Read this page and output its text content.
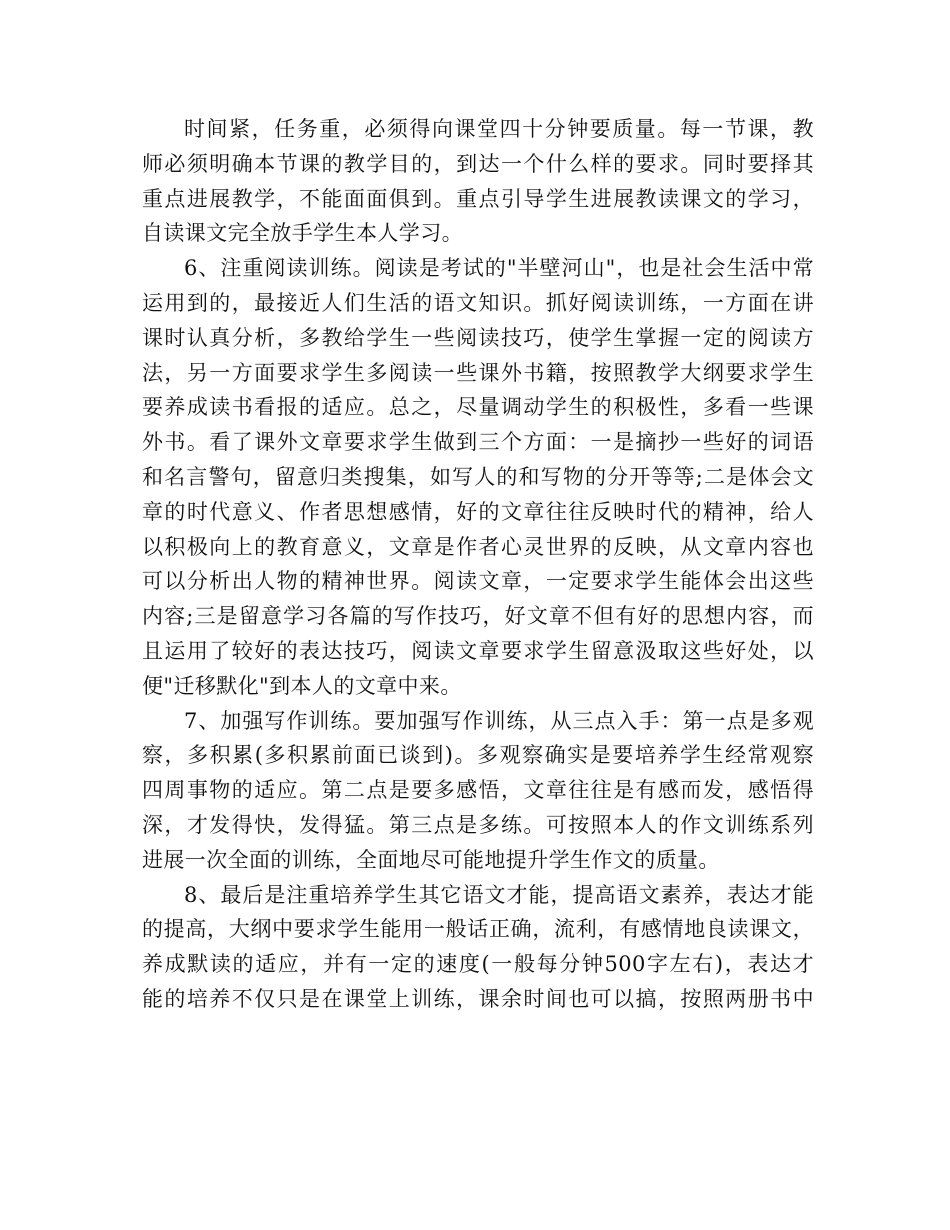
时间紧，任务重，必须得向课堂四十分钟要质量。每一节课，教
师必须明确本节课的教学目的，到达一个什么样的要求。同时要择其
重点进展教学，不能面面俱到。重点引导学生进展教读课文的学习，
自读课文完全放手学生本人学习。
6、注重阅读训练。阅读是考试的"半壁河山"，也是社会生活中常
运用到的，最接近人们生活的语文知识。抓好阅读训练，一方面在讲
课时认真分析，多教给学生一些阅读技巧，使学生掌握一定的阅读方
法，另一方面要求学生多阅读一些课外书籍，按照教学大纲要求学生
要养成读书看报的适应。总之，尽量调动学生的积极性，多看一些课
外书。看了课外文章要求学生做到三个方面：一是摘抄一些好的词语
和名言警句，留意归类搜集，如写人的和写物的分开等等;二是体会文
章的时代意义、作者思想感情，好的文章往往反映时代的精神，给人
以积极向上的教育意义，文章是作者心灵世界的反映，从文章内容也
可以分析出人物的精神世界。阅读文章，一定要求学生能体会出这些
内容;三是留意学习各篇的写作技巧，好文章不但有好的思想内容，而
且运用了较好的表达技巧，阅读文章要求学生留意汲取这些好处，以
便"迁移默化"到本人的文章中来。
7、加强写作训练。要加强写作训练，从三点入手：第一点是多观
察，多积累(多积累前面已谈到)。多观察确实是要培养学生经常观察
四周事物的适应。第二点是要多感悟，文章往往是有感而发，感悟得
深，才发得快，发得猛。第三点是多练。可按照本人的作文训练系列
进展一次全面的训练，全面地尽可能地提升学生作文的质量。
8、最后是注重培养学生其它语文才能，提高语文素养，表达才能
的提高，大纲中要求学生能用一般话正确，流利，有感情地良读课文，
养成默读的适应，并有一定的速度(一般每分钟500字左右)，表达才
能的培养不仅只是在课堂上训练，课余时间也可以搞，按照两册书中
